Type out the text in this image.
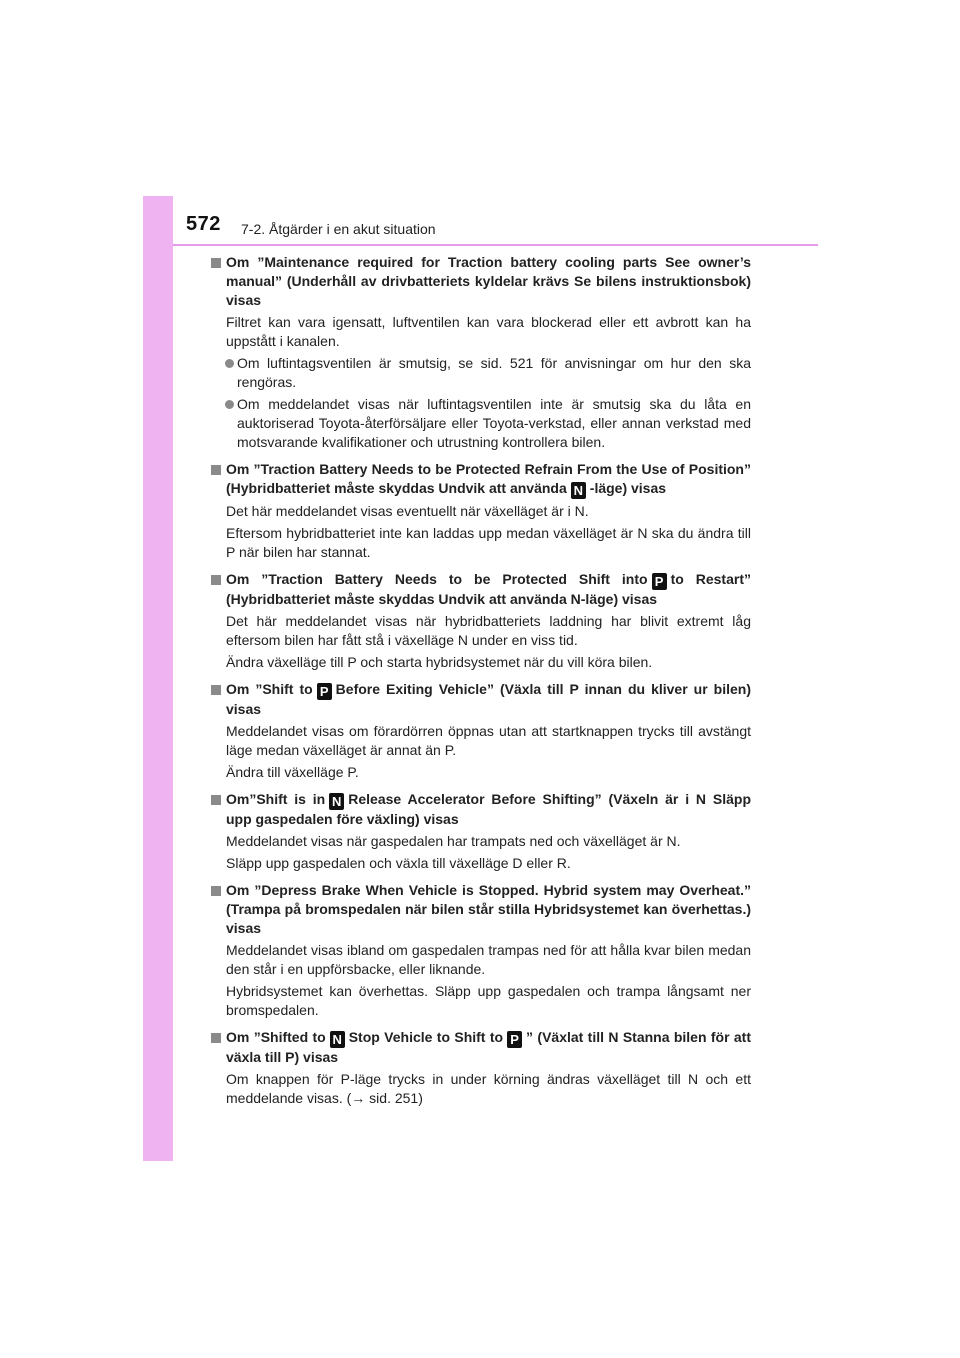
572 7-2. Åtgärder i en akut situation
Om ”Maintenance required for Traction battery cooling parts See owner’s manual” (Underhåll av drivbatteriets kyldelar krävs Se bilens instruktionsbok) visas
Filtret kan vara igensatt, luftventilen kan vara blockerad eller ett avbrott kan ha uppstått i kanalen.
Om luftintagsventilen är smutsig, se sid. 521 för anvisningar om hur den ska rengöras.
Om meddelandet visas när luftintagsventilen inte är smutsig ska du låta en auktoriserad Toyota-återförsäljare eller Toyota-verkstad, eller annan verkstad med motsvarande kvalifikationer och utrustning kontrollera bilen.
Om ”Traction Battery Needs to be Protected Refrain From the Use of Position” (Hybridbatteriet måste skyddas Undvik att använda N -läge) visas
Det här meddelandet visas eventuellt när växelläget är i N.
Eftersom hybridbatteriet inte kan laddas upp medan växelläget är N ska du ändra till P när bilen har stannat.
Om ”Traction Battery Needs to be Protected Shift into P to Restart” (Hybridbatteriet måste skyddas Undvik att använda N-läge) visas
Det här meddelandet visas när hybridbatteriets laddning har blivit extremt låg eftersom bilen har fått stå i växelläge N under en viss tid.
Ändra växelläge till P och starta hybridsystemet när du vill köra bilen.
Om ”Shift to P Before Exiting Vehicle” (Växla till P innan du kliver ur bilen) visas
Meddelandet visas om förardörren öppnas utan att startknappen trycks till avstängt läge medan växelläget är annat än P.
Ändra till växelläge P.
Om”Shift is in N Release Accelerator Before Shifting” (Växeln är i N Släpp upp gaspedalen före växling) visas
Meddelandet visas när gaspedalen har trampats ned och växelläget är N.
Släpp upp gaspedalen och växla till växelläge D eller R.
Om ”Depress Brake When Vehicle is Stopped. Hybrid system may Overheat.” (Trampa på bromspedalen när bilen står stilla Hybridsystemet kan överhettas.) visas
Meddelandet visas ibland om gaspedalen trampas ned för att hålla kvar bilen medan den står i en uppförsbacke, eller liknande.
Hybridsystemet kan överhettas. Släpp upp gaspedalen och trampa långsamt ner bromspedalen.
Om ”Shifted to N Stop Vehicle to Shift to P ” (Växlat till N Stanna bilen för att växla till P) visas
Om knappen för P-läge trycks in under körning ändras växelläget till N och ett meddelande visas. (→ sid. 251)
